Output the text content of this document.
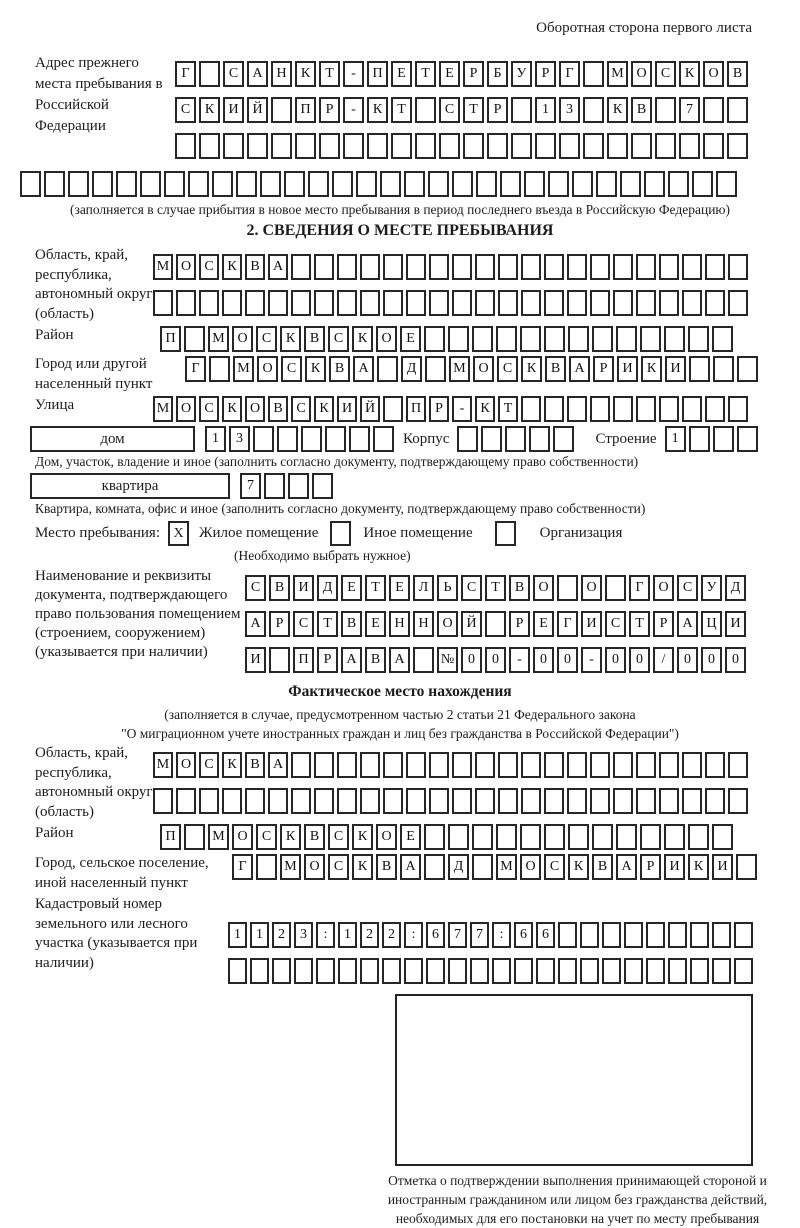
Оборотная сторона первого листа
Адрес прежнего места пребывания в Российской Федерации
Г	С А Н К Т - П Е Т Е Р Б У Р Г	М О С К О В С К И Й	П Р - К Т	С Т Р	1 3	К В	7
(заполняется в случае прибытия в новое место пребывания в период последнего въезда в Российскую Федерацию)
2. СВЕДЕНИЯ О МЕСТЕ ПРЕБЫВАНИЯ
Область, край, республика, автономный округ (область)
М О С К В А
Район	П	М О С К В С К О Е
Город или другой населенный пункт
Г	М О С К В А	Д	М О С К В А Р И К И
Улица	М О С К О В С К И Й	П Р - К Т
дом	1 3	Корпус	Строение	1
Дом, участок, владение и иное (заполнить согласно документу, подтверждающему право собственности)
квартира	7
Квартира, комната, офис и иное (заполнить согласно документу, подтверждающему право собственности)
Место пребывания: X	Жилое помещение	Иное помещение	Организация
(Необходимо выбрать нужное)
Наименование и реквизиты документа, подтверждающего право пользования помещением (строением, сооружением) (указывается при наличии)
С В И Д Е Т Е Л Ь С Т В О	О	Г О С У Д А Р С Т В Е Н Н О Й	Р Е Г И С Т Р А Ц И И	П Р А В А	№ 0 0 - 0 0 - 0 0 / 0 0 0
Фактическое место нахождения
(заполняется в случае, предусмотренном частью 2 статьи 21 Федерального закона
"О миграционном учете иностранных граждан и лиц без гражданства в Российской Федерации")
Область, край, республика, автономный округ (область)
М О С К В А
Район	П	М О С К В С К О Е
Город, сельское поселение, иной населенный пункт
Г	М О С К В А	Д	М О С К В А Р И К И
Кадастровый номер земельного или лесного участка (указывается при наличии)
1 1 2 3 : 1 2 2 : 6 7 7 : 6 6
Отметка о подтверждении выполнения принимающей стороной и иностранным гражданином или лицом без гражданства действий, необходимых для его постановки на учет по месту пребывания
